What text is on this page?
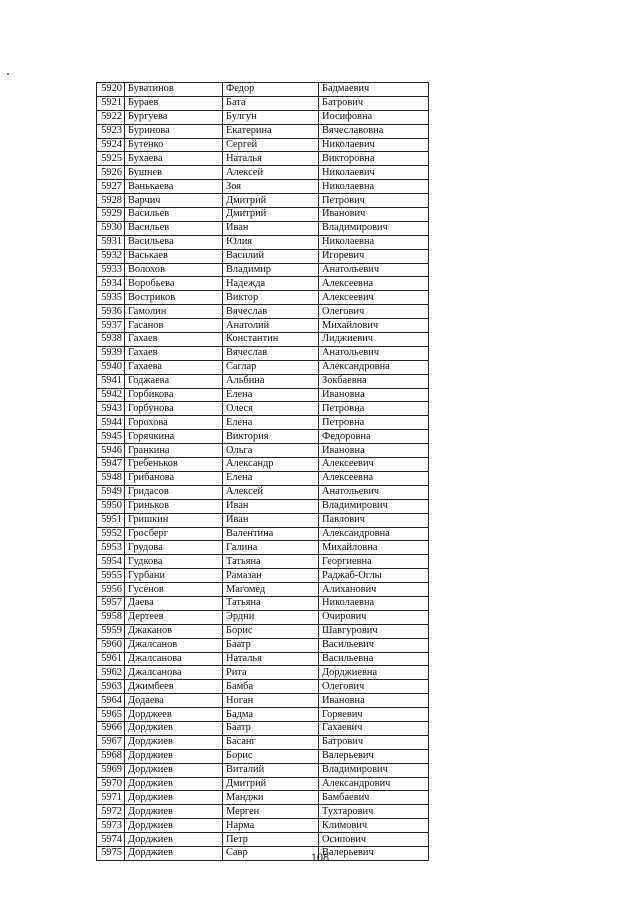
5920	Буватинов	Федор	Бадмаевич
5921	Бураев	Бата	Батрович
5922	Бургуева	Булгун	Иосифовна
5923	Буринова	Екатерина	Вячеславовна
5924	Бутенко	Сергей	Николаевич
5925	Бухаева	Наталья	Викторовна
5926	Бушнев	Алексей	Николаевич
5927	Ванькаева	Зоя	Николаевна
5928	Варчич	Дмитрий	Петрович
5929	Васильев	Дмитрий	Иванович
5930	Васильев	Иван	Владимирович
5931	Васильева	Юлия	Николаевна
5932	Васькаев	Василий	Игоревич
5933	Волохов	Владимир	Анатольевич
5934	Воробьева	Надежда	Алексеевна
5935	Востриков	Виктор	Алексеевич
5936	Гамолин	Вячеслав	Олегович
5937	Гасанов	Анатолий	Михайлович
5938	Гахаев	Константин	Лиджиевич
5939	Гахаев	Вячеслав	Анатольевич
5940	Гахаева	Саглар	Александровна
5941	Годжаева	Альбина	Зокбаевна
5942	Горбикова	Елена	Ивановна
5943	Горбунова	Олеся	Петровна
5944	Горохова	Елена	Петровна
5945	Горячкина	Виктория	Федоровна
5946	Гранкина	Ольга	Ивановна
5947	Гребеньков	Александр	Алексеевич
5948	Грибанова	Елена	Алексеевна
5949	Гридасов	Алексей	Анатольевич
5950	Гриньков	Иван	Владимирович
5951	Гришкин	Иван	Павлович
5952	Гросберг	Валентина	Александровна
5953	Грудова	Галина	Михайловна
5954	Гудкова	Татьяна	Георгиевна
5955	Гурбани	Рамазан	Раджаб-Оглы
5956	Гусенов	Магомед	Алиханович
5957	Даева	Татьяна	Николаевна
5958	Дертеев	Эрдни	Очирович
5959	Джаканов	Борис	Шавгурович
5960	Джалсанов	Баатр	Васильевич
5961	Джалсанова	Наталья	Васильевна
5962	Джалсанова	Рита	Дорджиевна
5963	Джимбеев	Бамба	Олегович
5964	Додаева	Ноган	Ивановна
5965	Дорджеев	Бадма	Горяевич
5966	Дорджиев	Баатр	Гахаевич
5967	Дорджиев	Басанг	Батрович
5968	Дорджиев	Борис	Валерьевич
5969	Дорджиев	Виталий	Владимирович
5970	Дорджиев	Дмитрий	Александрович
5971	Дорджиев	Манджи	Бамбаевич
5972	Дорджиев	Мерген	Тухтарович
5973	Дорджиев	Нарма	Климович
5974	Дорджиев	Петр	Осипович
5975	Дорджиев	Савр	Валерьевич
108
